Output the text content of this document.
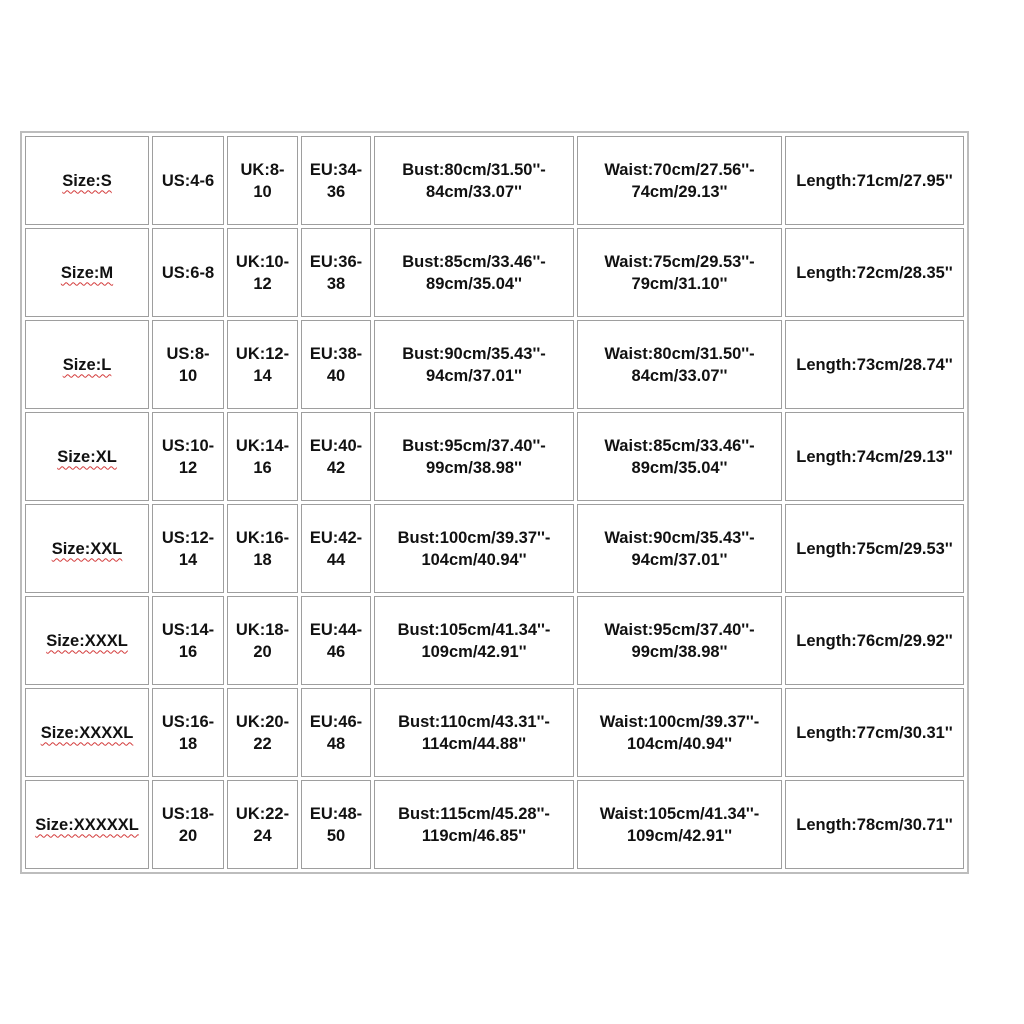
Size:S	US:4-6	UK:8-
10	EU:34-
36	Bust:80cm/31.50''-
84cm/33.07''	Waist:70cm/27.56''-
74cm/29.13''	Length:71cm/27.95''
Size:M	US:6-8	UK:10-
12	EU:36-
38	Bust:85cm/33.46''-
89cm/35.04''	Waist:75cm/29.53''-
79cm/31.10''	Length:72cm/28.35''
Size:L	US:8-
10	UK:12-
14	EU:38-
40	Bust:90cm/35.43''-
94cm/37.01''	Waist:80cm/31.50''-
84cm/33.07''	Length:73cm/28.74''
Size:XL	US:10-
12	UK:14-
16	EU:40-
42	Bust:95cm/37.40''-
99cm/38.98''	Waist:85cm/33.46''-
89cm/35.04''	Length:74cm/29.13''
Size:XXL	US:12-
14	UK:16-
18	EU:42-
44	Bust:100cm/39.37''-
104cm/40.94''	Waist:90cm/35.43''-
94cm/37.01''	Length:75cm/29.53''
Size:XXXL	US:14-
16	UK:18-
20	EU:44-
46	Bust:105cm/41.34''-
109cm/42.91''	Waist:95cm/37.40''-
99cm/38.98''	Length:76cm/29.92''
Size:XXXXL	US:16-
18	UK:20-
22	EU:46-
48	Bust:110cm/43.31''-
114cm/44.88''	Waist:100cm/39.37''-
104cm/40.94''	Length:77cm/30.31''
Size:XXXXXL	US:18-
20	UK:22-
24	EU:48-
50	Bust:115cm/45.28''-
119cm/46.85''	Waist:105cm/41.34''-
109cm/42.91''	Length:78cm/30.71''
